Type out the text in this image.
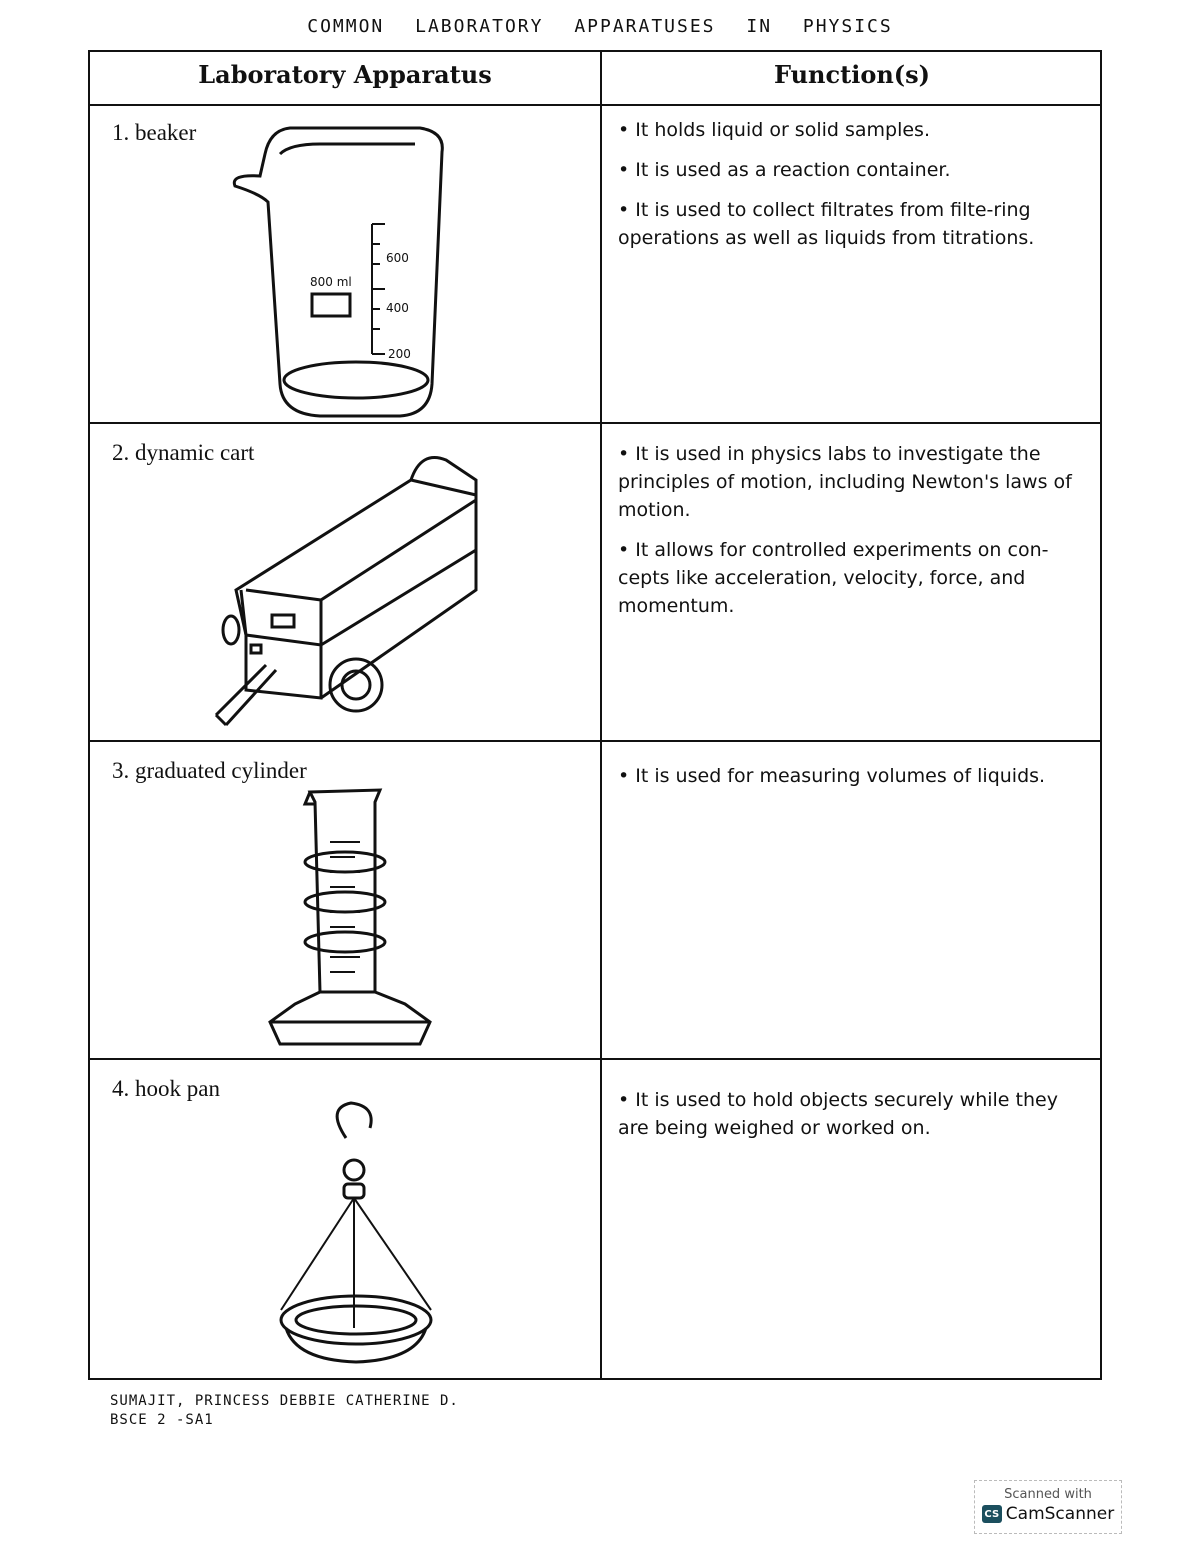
COMMON LABORATORY APPARATUSES IN PHYSICS
Laboratory Apparatus	Function(s)
1. beaker	• It holds liquid or solid samples.
• It is used as a reaction container.
• It is used to collect filtrates from filte-ring operations as well as liquids from titrations.
800 ml
600
400
200
2. dynamic cart	• It is used in physics labs to investigate the principles of motion, including Newton's laws of motion.
• It allows for controlled experiments on con-cepts like acceleration, velocity, force, and momentum.
3. graduated cylinder	• It is used for measuring volumes of liquids.
4. hook pan	• It is used to hold objects securely while they are being weighed or worked on.
SUMAJIT, PRINCESS DEBBIE CATHERINE D.
BSCE 2 -SA1
Scanned with
CS CamScanner
